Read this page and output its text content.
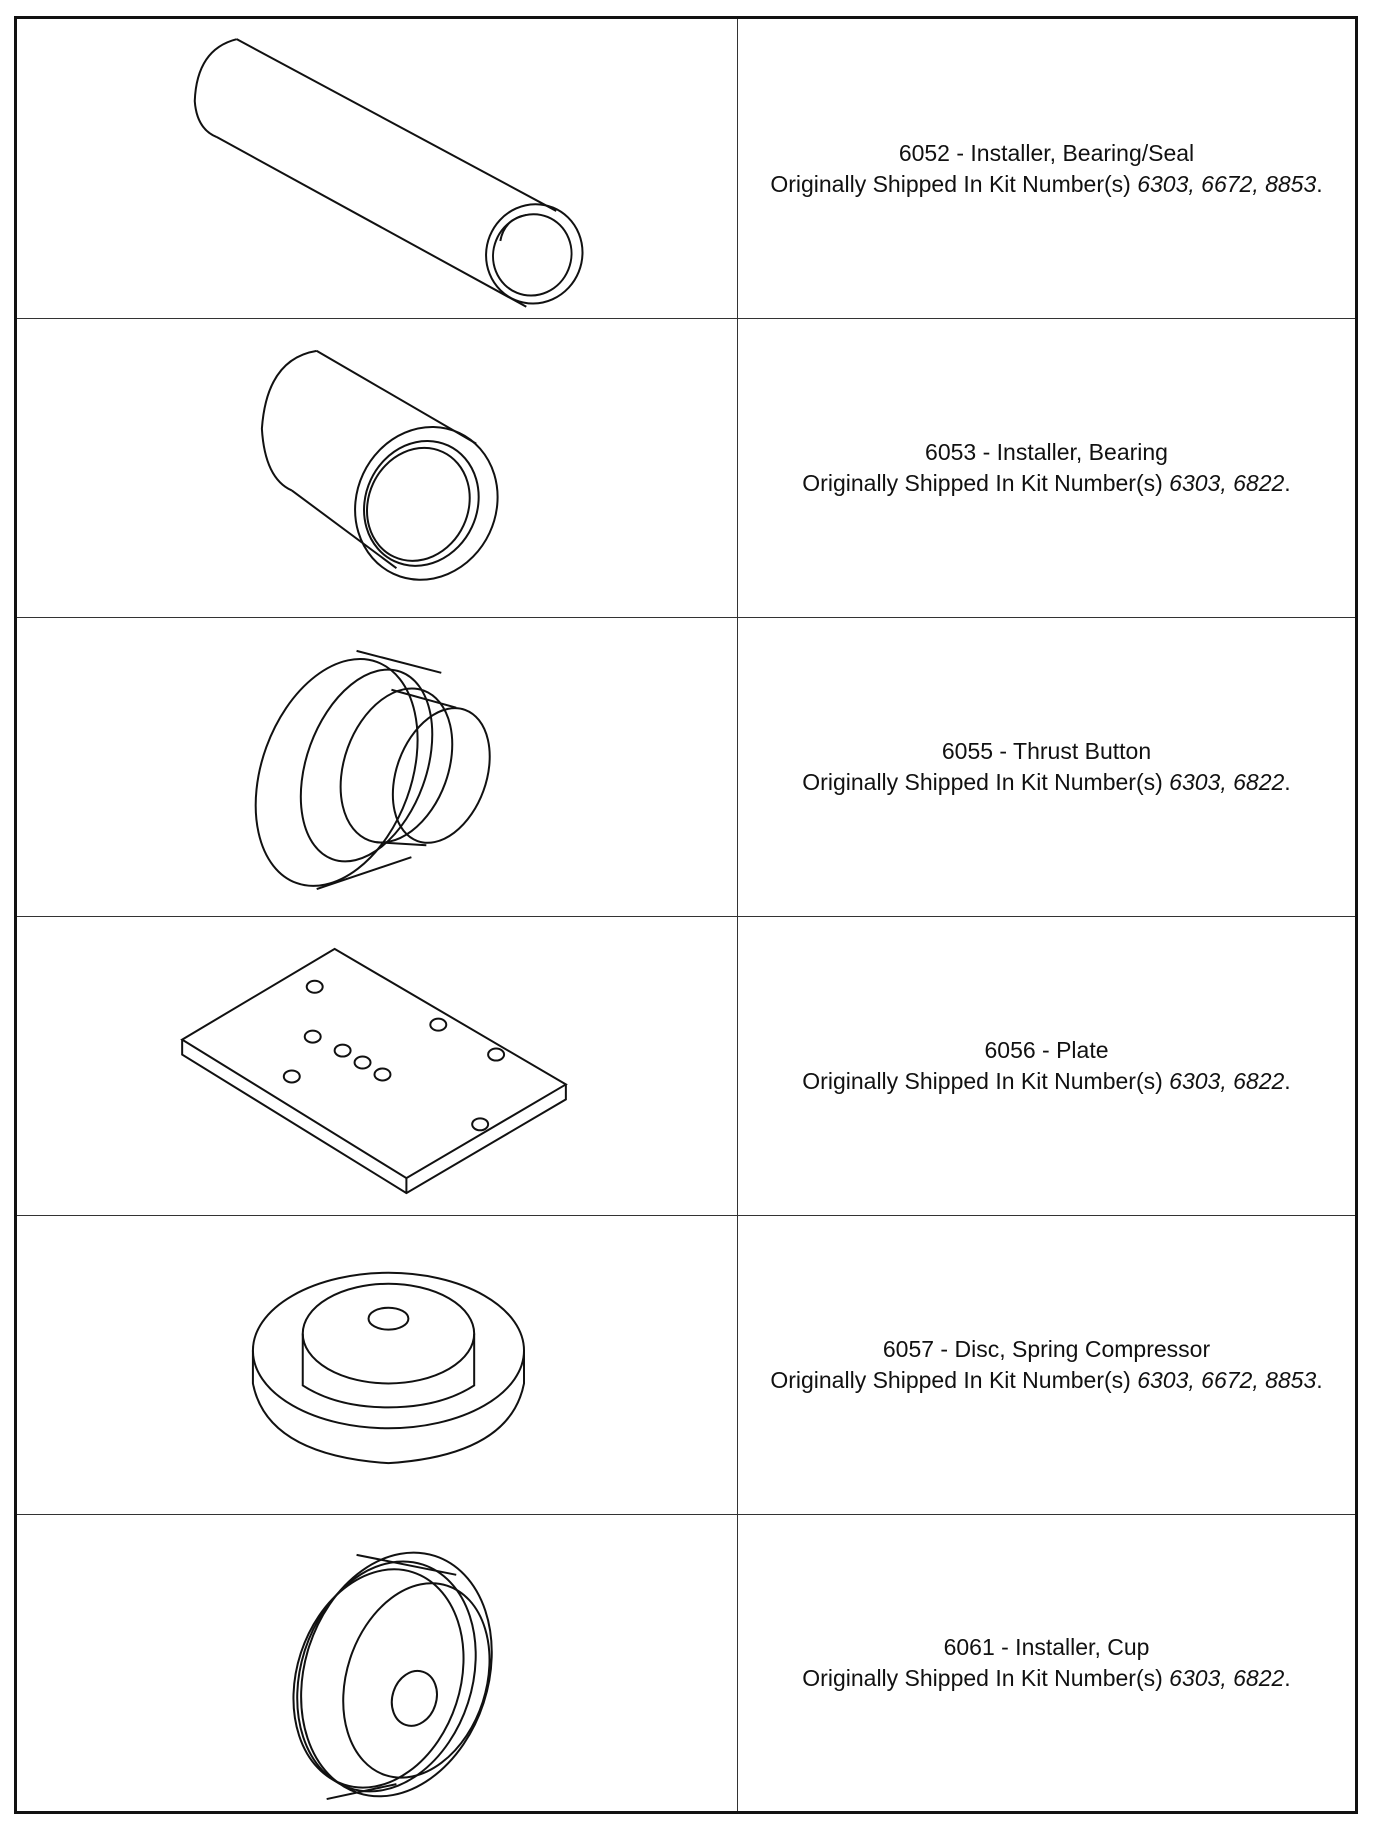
6052 - Installer, Bearing/Seal
Originally Shipped In Kit Number(s) 6303, 6672, 8853.
6053 - Installer, Bearing
Originally Shipped In Kit Number(s) 6303, 6822.
6055 - Thrust Button
Originally Shipped In Kit Number(s) 6303, 6822.
6056 - Plate
Originally Shipped In Kit Number(s) 6303, 6822.
6057 - Disc, Spring Compressor
Originally Shipped In Kit Number(s) 6303, 6672, 8853.
6061 - Installer, Cup
Originally Shipped In Kit Number(s) 6303, 6822.
